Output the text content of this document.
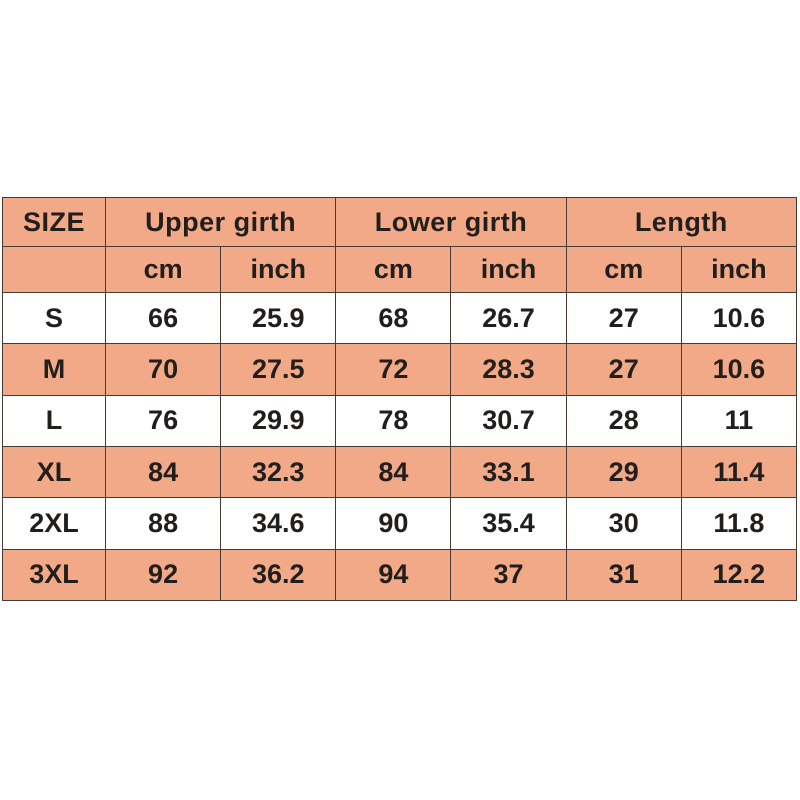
SIZE	Upper girth		Lower girth		Length	
	cm	inch	cm	inch	cm	inch
S	66	25.9	68	26.7	27	10.6
M	70	27.5	72	28.3	27	10.6
L	76	29.9	78	30.7	28	11
XL	84	32.3	84	33.1	29	11.4
2XL	88	34.6	90	35.4	30	11.8
3XL	92	36.2	94	37	31	12.2
